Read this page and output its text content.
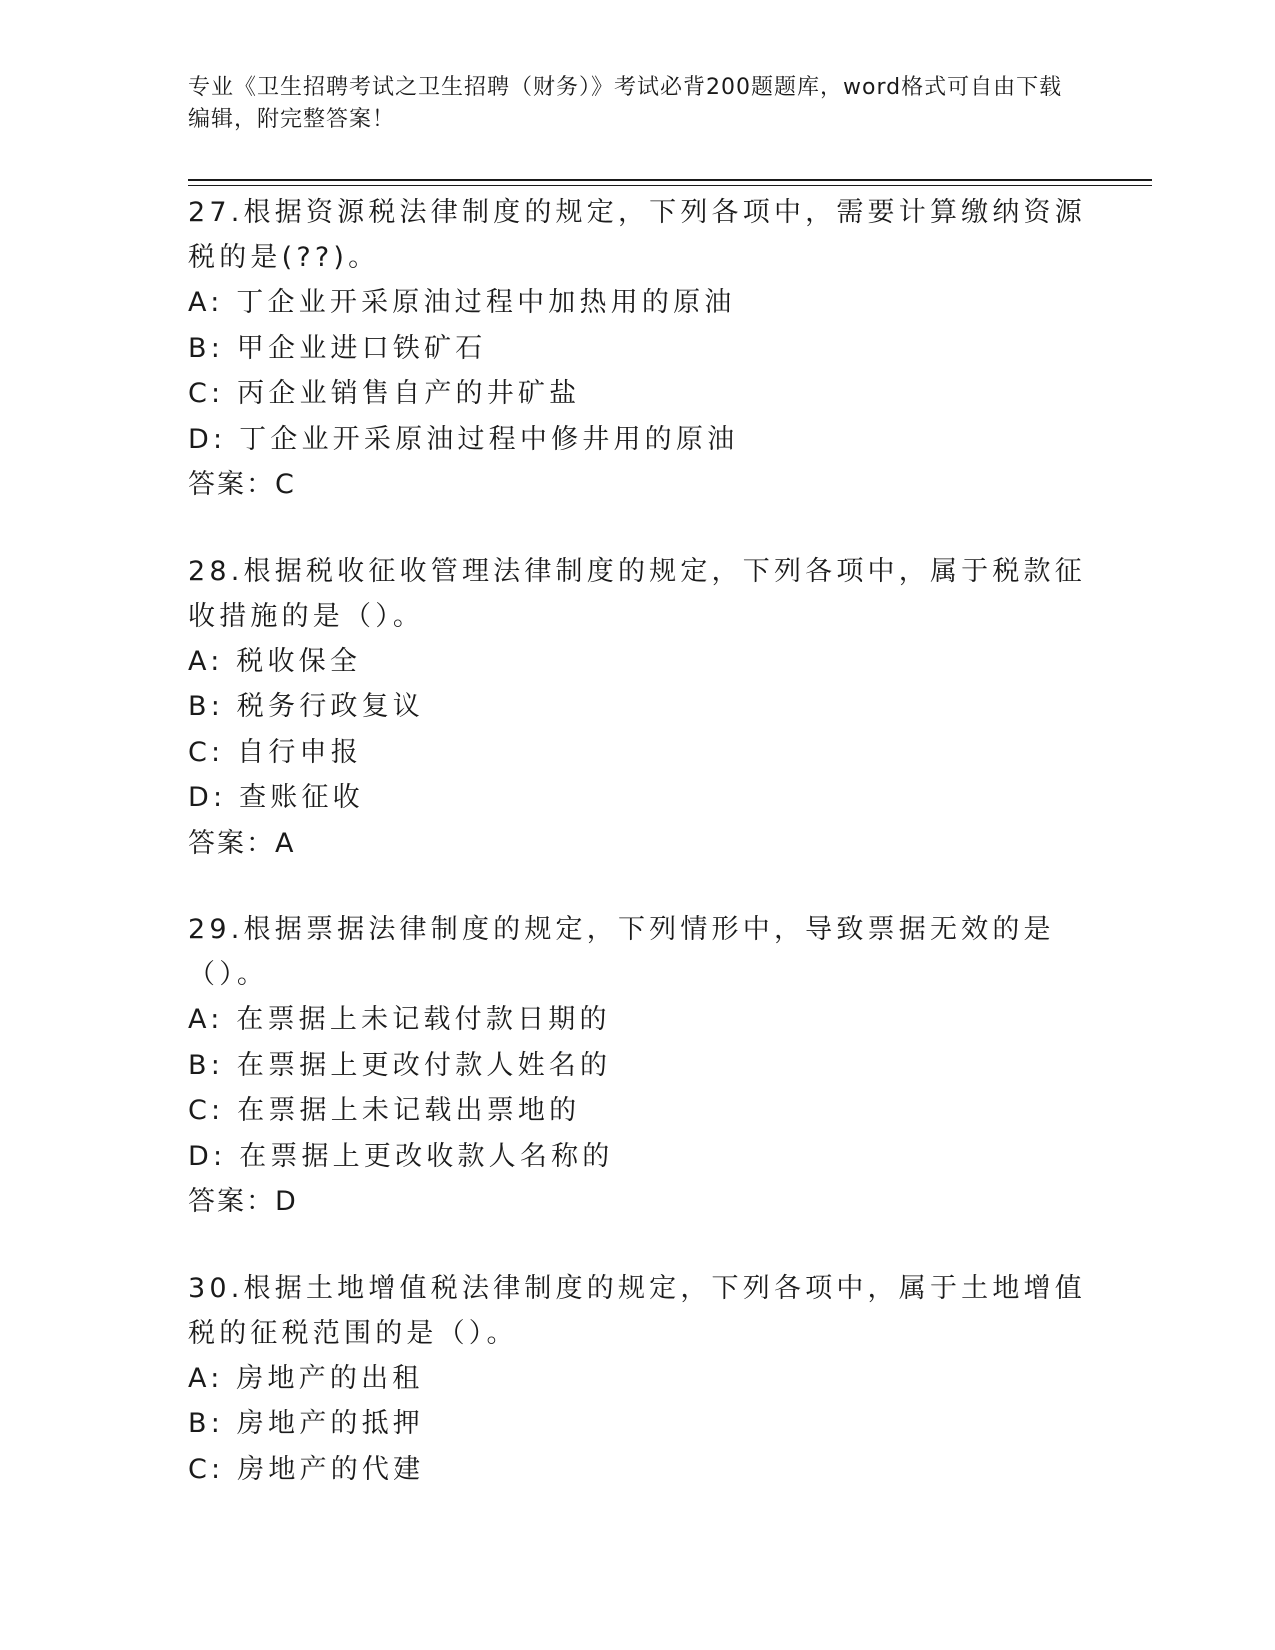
专业《卫生招聘考试之卫生招聘（财务）》考试必背200题题库，word格式可自由下载编辑，附完整答案！

27.根据资源税法律制度的规定，下列各项中，需要计算缴纳资源税的是(??)。

A: 丁企业开采原油过程中加热用的原油

B: 甲企业进口铁矿石

C: 丙企业销售自产的井矿盐

D: 丁企业开采原油过程中修井用的原油

答案：C

28.根据税收征收管理法律制度的规定，下列各项中，属于税款征收措施的是（）。

A: 税收保全

B: 税务行政复议

C: 自行申报

D: 查账征收

答案：A

29.根据票据法律制度的规定，下列情形中，导致票据无效的是（）。

A: 在票据上未记载付款日期的

B: 在票据上更改付款人姓名的

C: 在票据上未记载出票地的

D: 在票据上更改收款人名称的

答案：D

30.根据土地增值税法律制度的规定，下列各项中，属于土地增值税的征税范围的是（）。

A: 房地产的出租

B: 房地产的抵押

C: 房地产的代建
